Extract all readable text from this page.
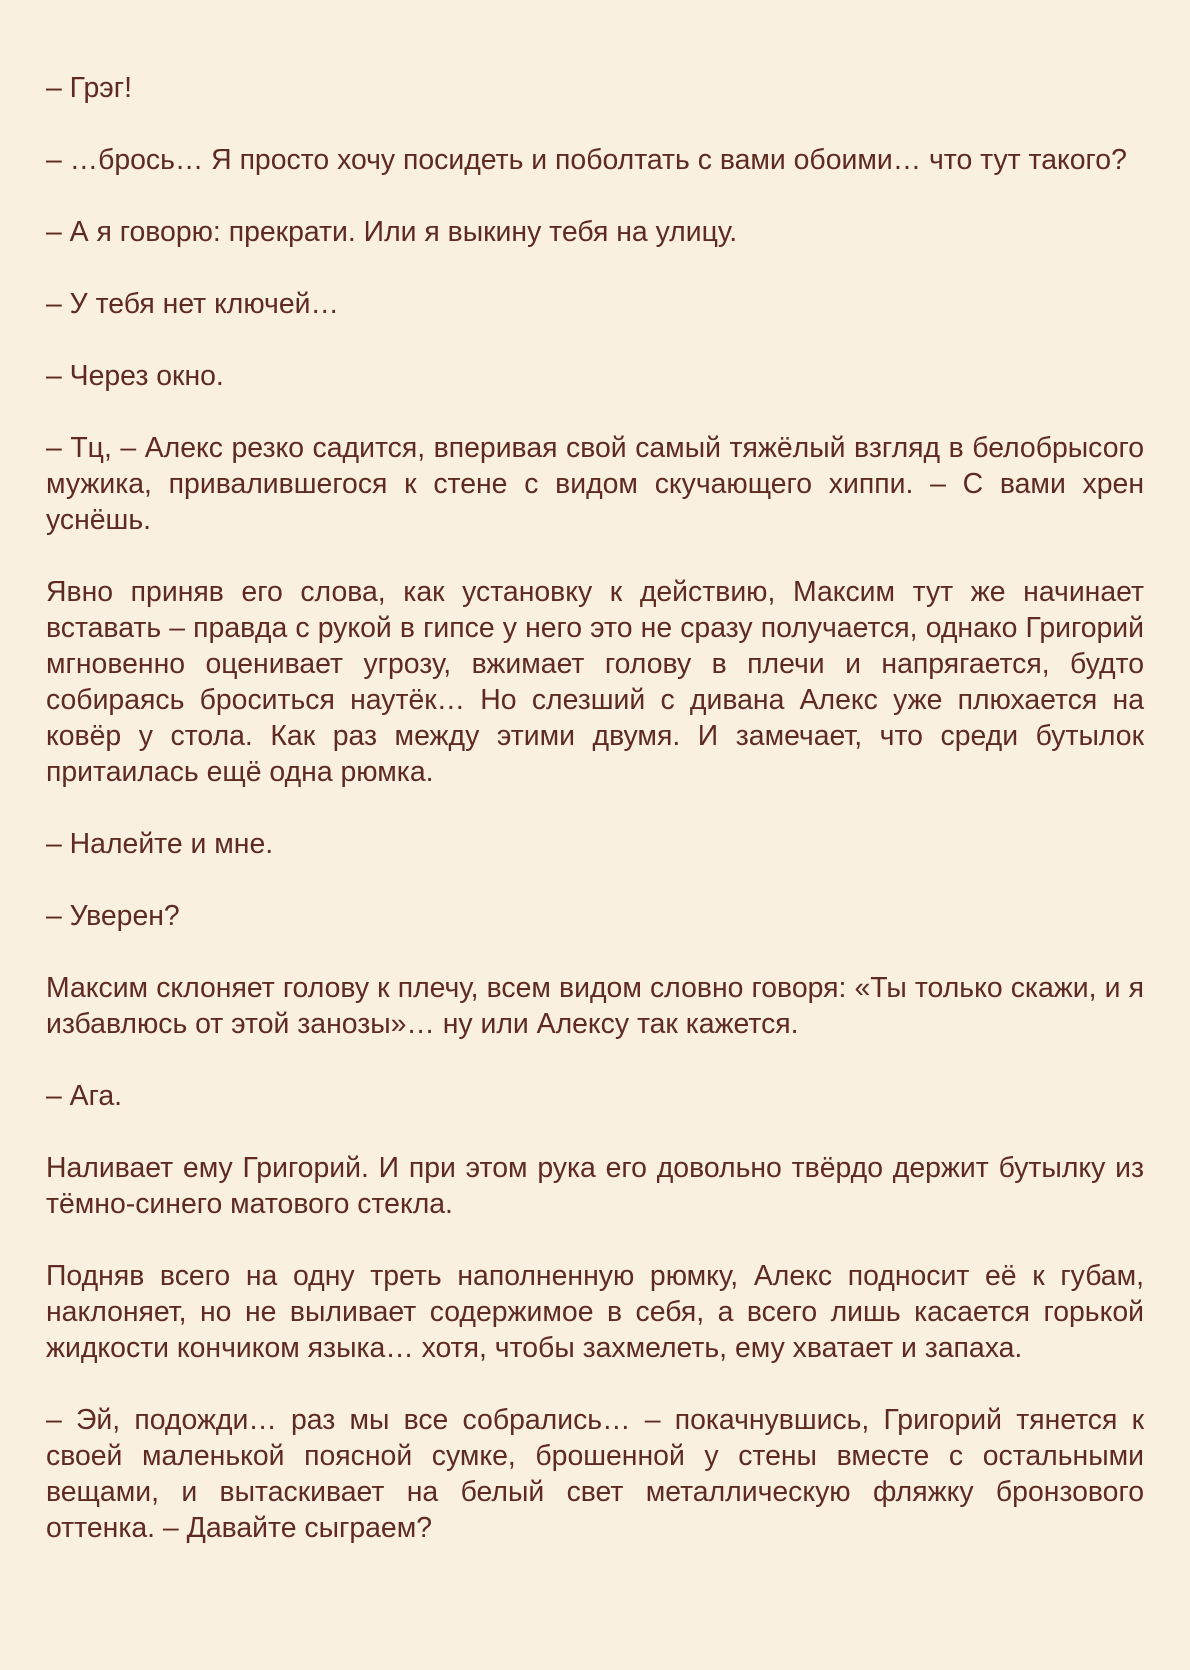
– Грэг!

– …брось… Я просто хочу посидеть и поболтать с вами обоими… что тут такого?

– А я говорю: прекрати. Или я выкину тебя на улицу.

– У тебя нет ключей…

– Через окно.

– Тц, – Алекс резко садится, вперивая свой самый тяжёлый взгляд в белобрысого мужика, привалившегося к стене с видом скучающего хиппи. – С вами хрен уснёшь.

Явно приняв его слова, как установку к действию, Максим тут же начинает вставать – правда с рукой в гипсе у него это не сразу получается, однако Григорий мгновенно оценивает угрозу, вжимает голову в плечи и напрягается, будто собираясь броситься наутёк… Но слезший с дивана Алекс уже плюхается на ковёр у стола. Как раз между этими двумя. И замечает, что среди бутылок притаилась ещё одна рюмка.

– Налейте и мне.

– Уверен?

Максим склоняет голову к плечу, всем видом словно говоря: «Ты только скажи, и я избавлюсь от этой занозы»… ну или Алексу так кажется.

– Ага.

Наливает ему Григорий. И при этом рука его довольно твёрдо держит бутылку из тёмно-синего матового стекла.

Подняв всего на одну треть наполненную рюмку, Алекс подносит её к губам, наклоняет, но не выливает содержимое в себя, а всего лишь касается горькой жидкости кончиком языка… хотя, чтобы захмелеть, ему хватает и запаха.

– Эй, подожди… раз мы все собрались… – покачнувшись, Григорий тянется к своей маленькой поясной сумке, брошенной у стены вместе с остальными вещами, и вытаскивает на белый свет металлическую фляжку бронзового оттенка. – Давайте сыграем?
